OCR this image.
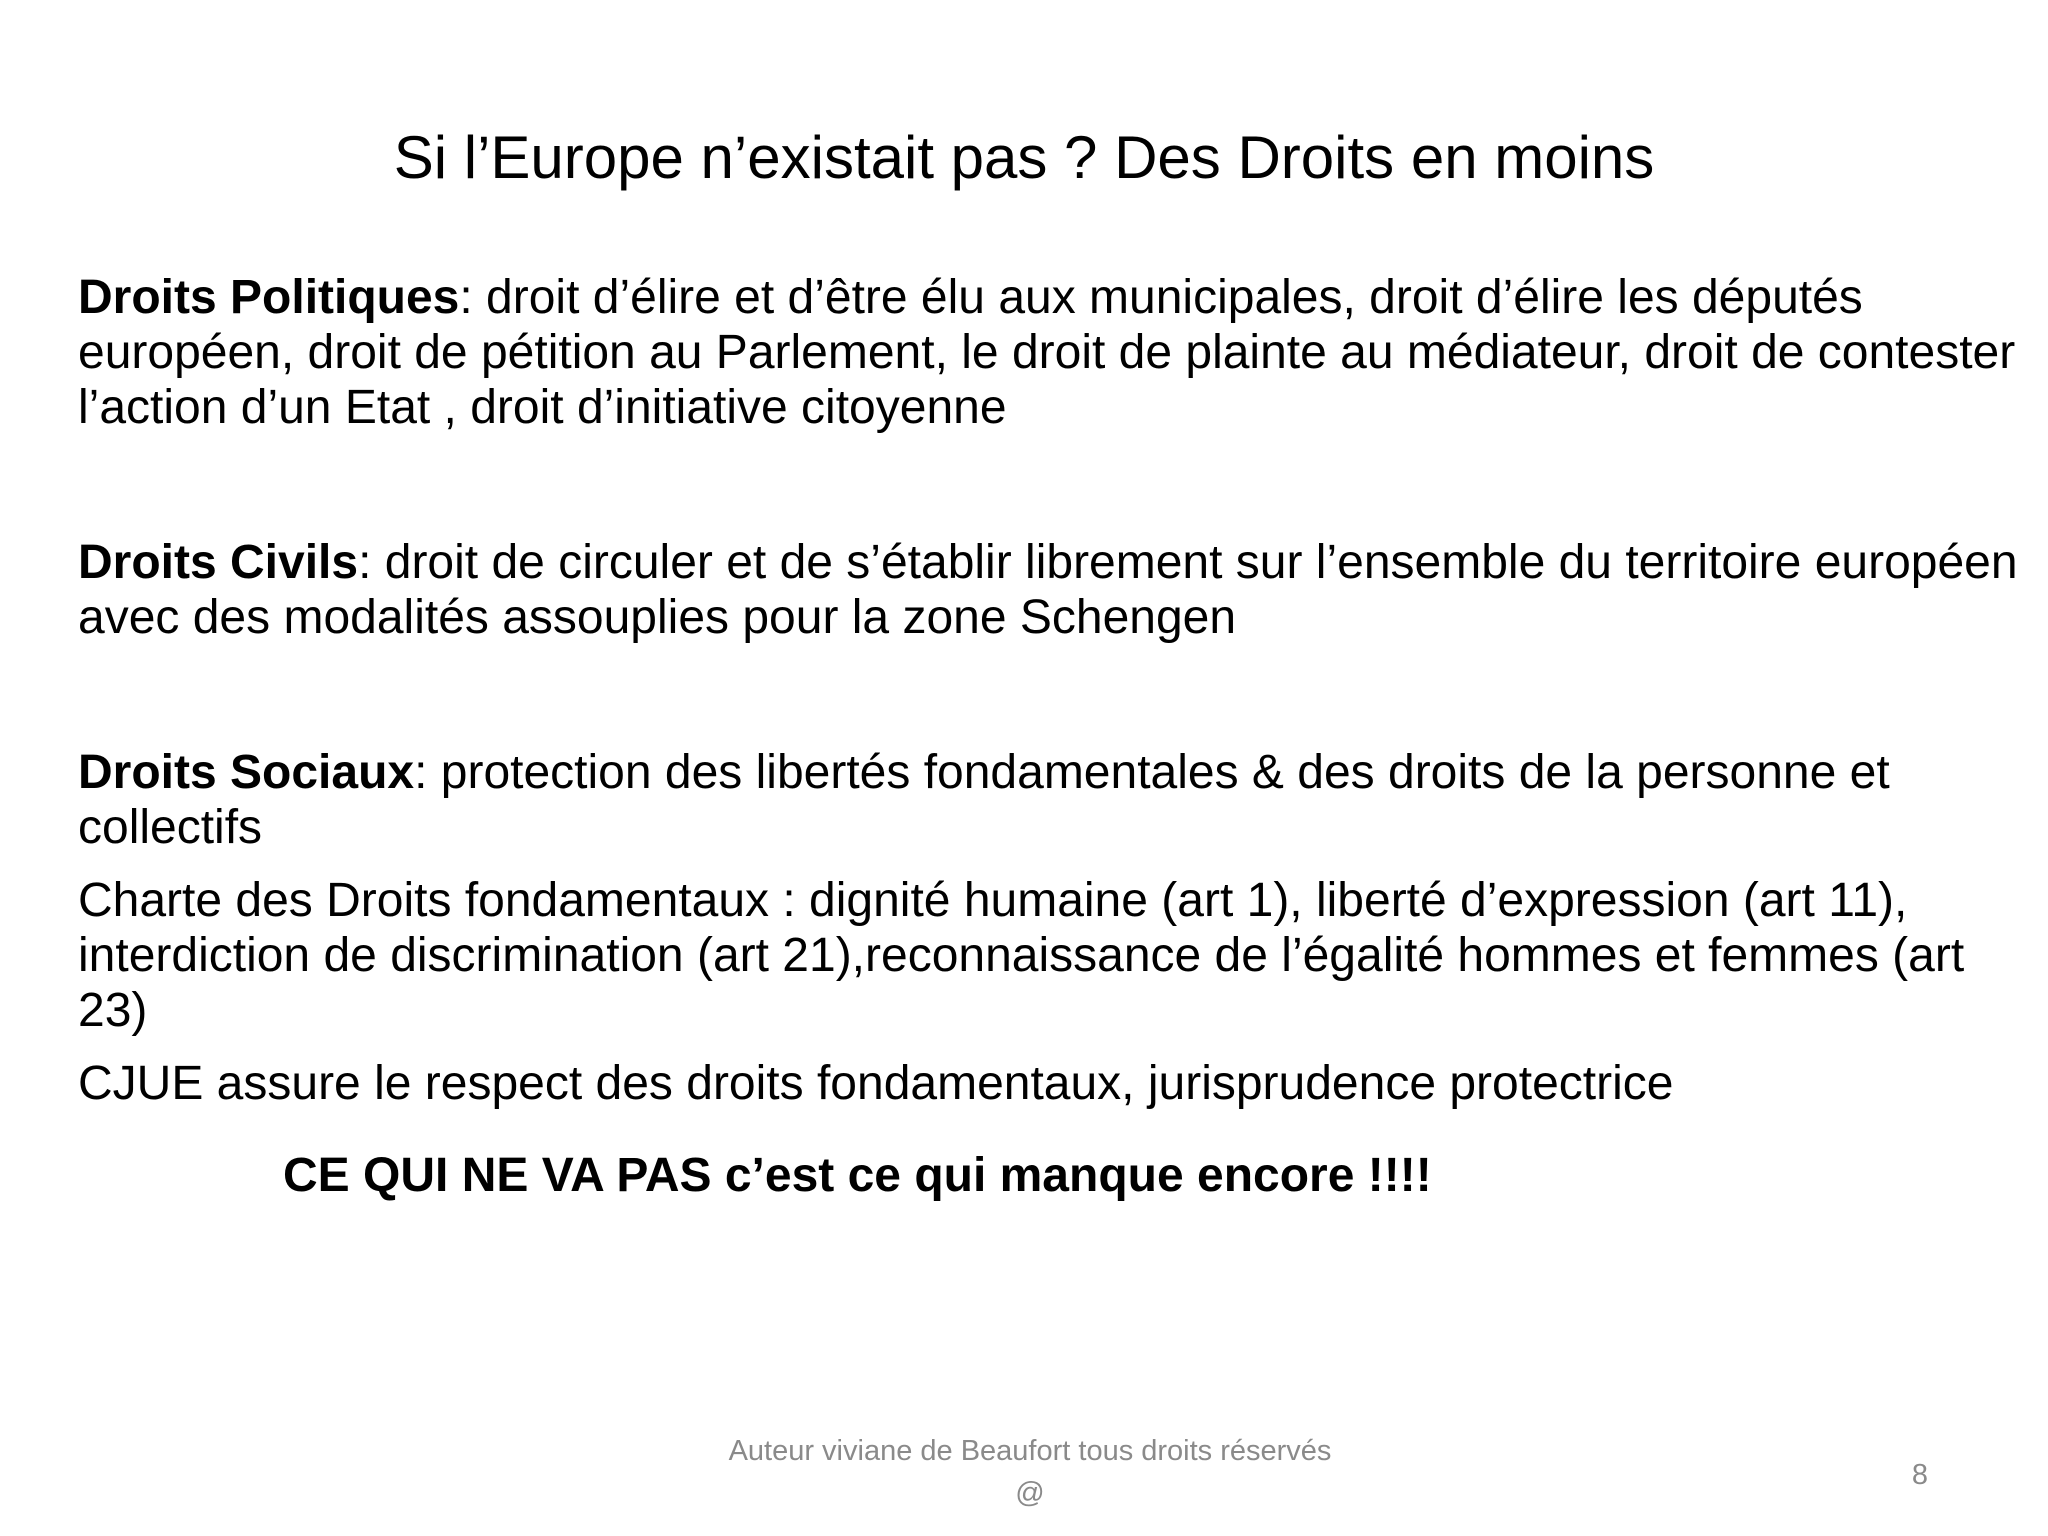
Si l’Europe n’existait pas ? Des Droits en moins

Droits Politiques: droit d’élire et d’être élu aux municipales, droit d’élire les députés européen, droit de pétition au Parlement, le droit de plainte au médiateur, droit de contester l’action d’un Etat , droit d’initiative citoyenne

Droits Civils: droit de circuler et de s’établir librement sur l’ensemble du territoire européen avec des modalités assouplies pour la zone Schengen

Droits Sociaux: protection des libertés fondamentales & des droits de la personne et collectifs

Charte des Droits fondamentaux : dignité humaine (art 1), liberté d’expression (art 11), interdiction de discrimination (art 21),reconnaissance de l’égalité hommes et femmes (art 23)

CJUE assure le respect des droits fondamentaux, jurisprudence protectrice

CE QUI NE VA PAS c’est ce qui manque encore !!!!
Auteur viviane de Beaufort tous droits réservés @
8
